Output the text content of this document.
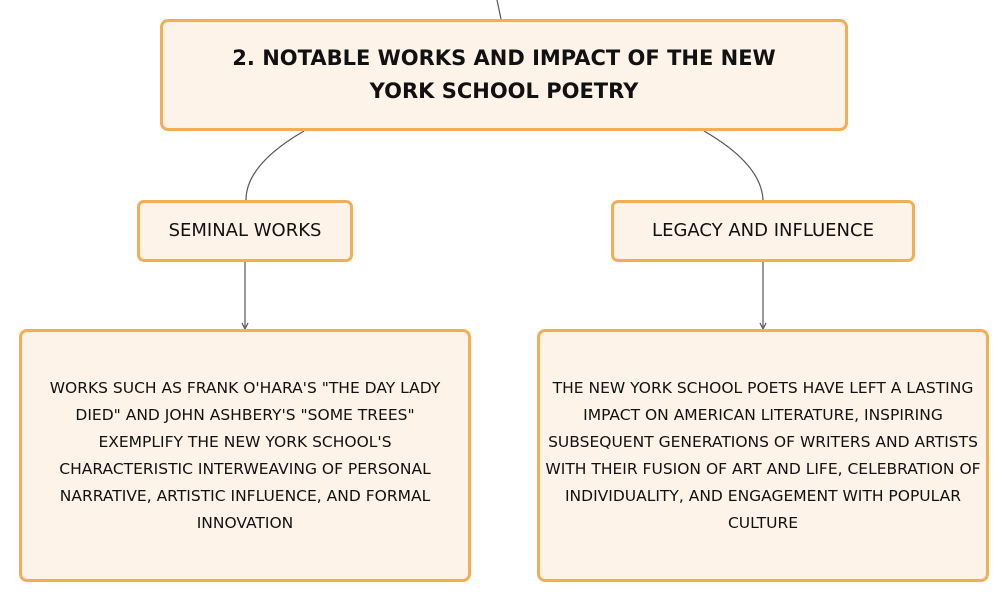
2. NOTABLE WORKS AND IMPACT OF THE NEW YORK SCHOOL POETRY
SEMINAL WORKS	LEGACY AND INFLUENCE
WORKS SUCH AS FRANK O'HARA'S "THE DAY LADY DIED" AND JOHN ASHBERY'S "SOME TREES" EXEMPLIFY THE NEW YORK SCHOOL'S CHARACTERISTIC INTERWEAVING OF PERSONAL NARRATIVE, ARTISTIC INFLUENCE, AND FORMAL INNOVATION
THE NEW YORK SCHOOL POETS HAVE LEFT A LASTING IMPACT ON AMERICAN LITERATURE, INSPIRING SUBSEQUENT GENERATIONS OF WRITERS AND ARTISTS WITH THEIR FUSION OF ART AND LIFE, CELEBRATION OF INDIVIDUALITY, AND ENGAGEMENT WITH POPULAR CULTURE
